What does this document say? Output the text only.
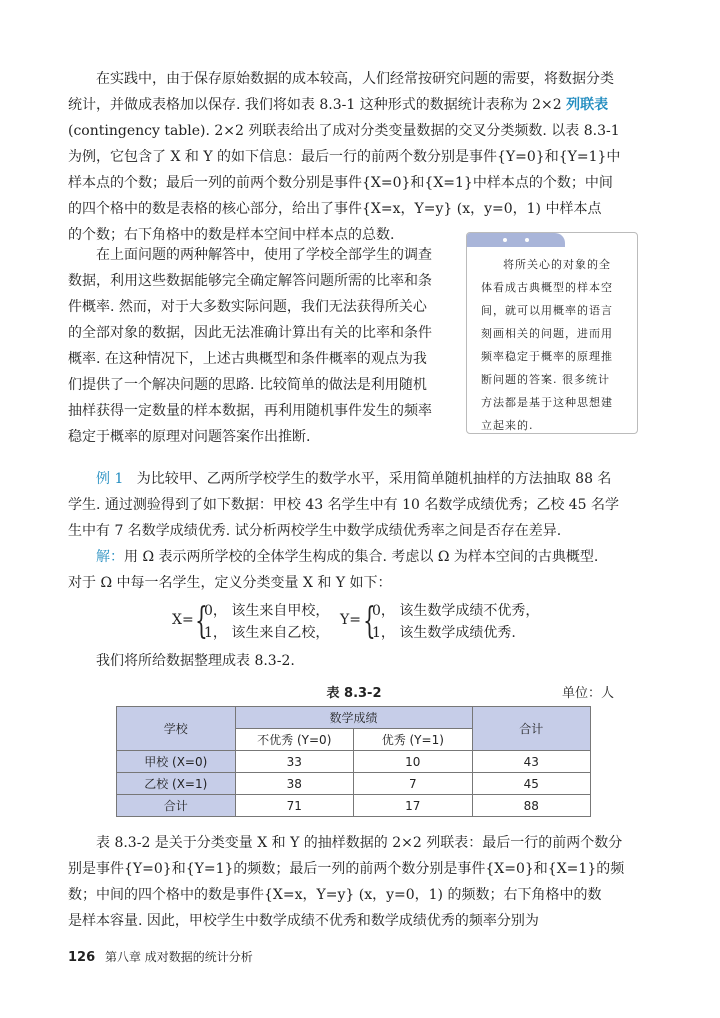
在实践中，由于保存原始数据的成本较高，人们经常按研究问题的需要，将数据分类
统计，并做成表格加以保存. 我们将如表 8.3-1 这种形式的数据统计表称为 2×2 列联表
(contingency table). 2×2 列联表给出了成对分类变量数据的交叉分类频数. 以表 8.3-1
为例，它包含了 X 和 Y 的如下信息：最后一行的前两个数分别是事件{Y=0}和{Y=1}中
样本点的个数；最后一列的前两个数分别是事件{X=0}和{X=1}中样本点的个数；中间
的四个格中的数是表格的核心部分，给出了事件{X=x，Y=y} (x，y=0，1) 中样本点
的个数；右下角格中的数是样本空间中样本点的总数.
在上面问题的两种解答中，使用了学校全部学生的调查
数据，利用这些数据能够完全确定解答问题所需的比率和条
件概率. 然而，对于大多数实际问题，我们无法获得所关心
的全部对象的数据，因此无法准确计算出有关的比率和条件
概率. 在这种情况下，上述古典概型和条件概率的观点为我
们提供了一个解决问题的思路. 比较简单的做法是利用随机
抽样获得一定数量的样本数据，再利用随机事件发生的频率
稳定于概率的原理对问题答案作出推断.
将所关心的对象的全
体看成古典概型的样本空
间，就可以用概率的语言
刻画相关的问题，进而用
频率稳定于概率的原理推
断问题的答案. 很多统计
方法都是基于这种思想建
立起来的.
例 1 为比较甲、乙两所学校学生的数学水平，采用简单随机抽样的方法抽取 88 名
学生. 通过测验得到了如下数据：甲校 43 名学生中有 10 名数学成绩优秀；乙校 45 名学
生中有 7 名数学成绩优秀. 试分析两校学生中数学成绩优秀率之间是否存在差异.
解：用 Ω 表示两所学校的全体学生构成的集合. 考虑以 Ω 为样本空间的古典概型.
对于 Ω 中每一名学生，定义分类变量 X 和 Y 如下：
X= {
0， 该生来自甲校，
1， 该生来自乙校，
Y= {
0， 该生数学成绩不优秀，
1， 该生数学成绩优秀.
我们将所给数据整理成表 8.3-2.
表 8.3-2	单位：人
学校	数学成绩		合计
	不优秀 (Y=0)	优秀 (Y=1)	
甲校 (X=0)	33	10	43
乙校 (X=1)	38	7	45
合计	71	17	88
表 8.3-2 是关于分类变量 X 和 Y 的抽样数据的 2×2 列联表：最后一行的前两个数分
别是事件{Y=0}和{Y=1}的频数；最后一列的前两个数分别是事件{X=0}和{X=1}的频
数；中间的四个格中的数是事件{X=x，Y=y} (x，y=0，1) 的频数；右下角格中的数
是样本容量. 因此，甲校学生中数学成绩不优秀和数学成绩优秀的频率分别为
126 第八章 成对数据的统计分析
